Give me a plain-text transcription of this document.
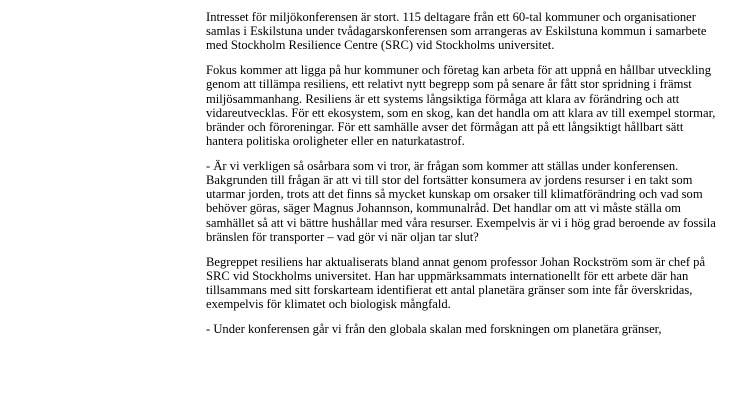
Intresset för miljökonferensen är stort. 115 deltagare från ett 60-tal kommuner och organisationer samlas i Eskilstuna under tvådagarskonferensen som arrangeras av Eskilstuna kommun i samarbete med Stockholm Resilience Centre (SRC) vid Stockholms universitet.

Fokus kommer att ligga på hur kommuner och företag kan arbeta för att uppnå en hållbar utveckling genom att tillämpa resiliens, ett relativt nytt begrepp som på senare år fått stor spridning i främst miljösammanhang. Resiliens är ett systems långsiktiga förmåga att klara av förändring och att vidareutvecklas. För ett ekosystem, som en skog, kan det handla om att klara av till exempel stormar, bränder och föroreningar. För ett samhälle avser det förmågan att på ett långsiktigt hållbart sätt hantera politiska oroligheter eller en naturkatastrof.

- Är vi verkligen så osårbara som vi tror, är frågan som kommer att ställas under konferensen. Bakgrunden till frågan är att vi till stor del fortsätter konsumera av jordens resurser i en takt som utarmar jorden, trots att det finns så mycket kunskap om orsaker till klimatförändring och vad som behöver göras, säger Magnus Johannson, kommunalråd. Det handlar om att vi måste ställa om samhället så att vi bättre hushållar med våra resurser. Exempelvis är vi i hög grad beroende av fossila bränslen för transporter – vad gör vi när oljan tar slut?

Begreppet resiliens har aktualiserats bland annat genom professor Johan Rockström som är chef på SRC vid Stockholms universitet. Han har uppmärksammats internationellt för ett arbete där han tillsammans med sitt forskarteam identifierat ett antal planetära gränser som inte får överskridas, exempelvis för klimatet och biologisk mångfald.

- Under konferensen går vi från den globala skalan med forskningen om planetära gränser,
